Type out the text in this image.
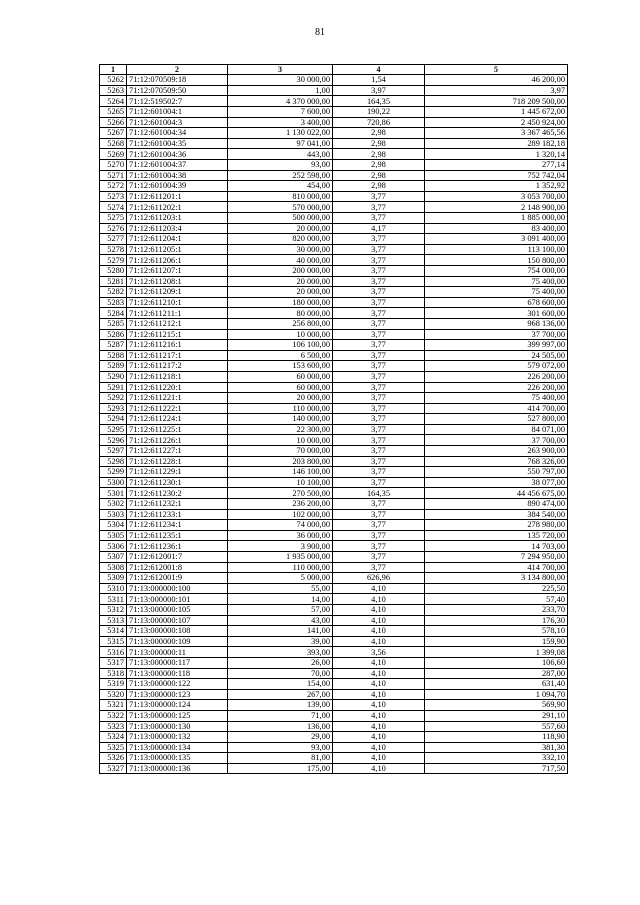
81
1	2	3	4	5
5262	71:12:070509:18	30 000,00	1,54	46 200,00
5263	71:12:070509:50	1,00	3,97	3,97
5264	71:12:519502:7	4 370 000,00	164,35	718 209 500,00
5265	71:12:601004:1	7 600,00	190,22	1 445 672,00
5266	71:12:601004:3	3 400,00	720,86	2 450 924,00
5267	71:12:601004:34	1 130 022,00	2,98	3 367 465,56
5268	71:12:601004:35	97 041,00	2,98	289 182,18
5269	71:12:601004:36	443,00	2,98	1 320,14
5270	71:12:601004:37	93,00	2,98	277,14
5271	71:12:601004:38	252 598,00	2,98	752 742,04
5272	71:12:601004:39	454,00	2,98	1 352,92
5273	71:12:611201:1	810 000,00	3,77	3 053 700,00
5274	71:12:611202:1	570 000,00	3,77	2 148 900,00
5275	71:12:611203:1	500 000,00	3,77	1 885 000,00
5276	71:12:611203:4	20 000,00	4,17	83 400,00
5277	71:12:611204:1	820 000,00	3,77	3 091 400,00
5278	71:12:611205:1	30 000,00	3,77	113 100,00
5279	71:12:611206:1	40 000,00	3,77	150 800,00
5280	71:12:611207:1	200 000,00	3,77	754 000,00
5281	71:12:611208:1	20 000,00	3,77	75 400,00
5282	71:12:611209:1	20 000,00	3,77	75 400,00
5283	71:12:611210:1	180 000,00	3,77	678 600,00
5284	71:12:611211:1	80 000,00	3,77	301 600,00
5285	71:12:611212:1	256 800,00	3,77	968 136,00
5286	71:12:611215:1	10 000,00	3,77	37 700,00
5287	71:12:611216:1	106 100,00	3,77	399 997,00
5288	71:12:611217:1	6 500,00	3,77	24 505,00
5289	71:12:611217:2	153 600,00	3,77	579 072,00
5290	71:12:611218:1	60 000,00	3,77	226 200,00
5291	71:12:611220:1	60 000,00	3,77	226 200,00
5292	71:12:611221:1	20 000,00	3,77	75 400,00
5293	71:12:611222:1	110 000,00	3,77	414 700,00
5294	71:12:611224:1	140 000,00	3,77	527 800,00
5295	71:12:611225:1	22 300,00	3,77	84 071,00
5296	71:12:611226:1	10 000,00	3,77	37 700,00
5297	71:12:611227:1	70 000,00	3,77	263 900,00
5298	71:12:611228:1	203 800,00	3,77	768 326,00
5299	71:12:611229:1	146 100,00	3,77	550 797,00
5300	71:12:611230:1	10 100,00	3,77	38 077,00
5301	71:12:611230:2	270 500,00	164,35	44 456 675,00
5302	71:12:611232:1	236 200,00	3,77	890 474,00
5303	71:12:611233:1	102 000,00	3,77	384 540,00
5304	71:12:611234:1	74 000,00	3,77	278 980,00
5305	71:12:611235:1	36 000,00	3,77	135 720,00
5306	71:12:611236:1	3 900,00	3,77	14 703,00
5307	71:12:612001:7	1 935 000,00	3,77	7 294 950,00
5308	71:12:612001:8	110 000,00	3,77	414 700,00
5309	71:12:612001:9	5 000,00	626,96	3 134 800,00
5310	71:13:000000:100	55,00	4,10	225,50
5311	71:13:000000:101	14,00	4,10	57,40
5312	71:13:000000:105	57,00	4,10	233,70
5313	71:13:000000:107	43,00	4,10	176,30
5314	71:13:000000:108	141,00	4,10	578,10
5315	71:13:000000:109	39,00	4,10	159,90
5316	71:13:000000:11	393,00	3,56	1 399,08
5317	71:13:000000:117	26,00	4,10	106,60
5318	71:13:000000:118	70,00	4,10	287,00
5319	71:13:000000:122	154,00	4,10	631,40
5320	71:13:000000:123	267,00	4,10	1 094,70
5321	71:13:000000:124	139,00	4,10	569,90
5322	71:13:000000:125	71,00	4,10	291,10
5323	71:13:000000:130	136,00	4,10	557,60
5324	71:13:000000:132	29,00	4,10	118,90
5325	71:13:000000:134	93,00	4,10	381,30
5326	71:13:000000:135	81,00	4,10	332,10
5327	71:13:000000:136	175,00	4,10	717,50
